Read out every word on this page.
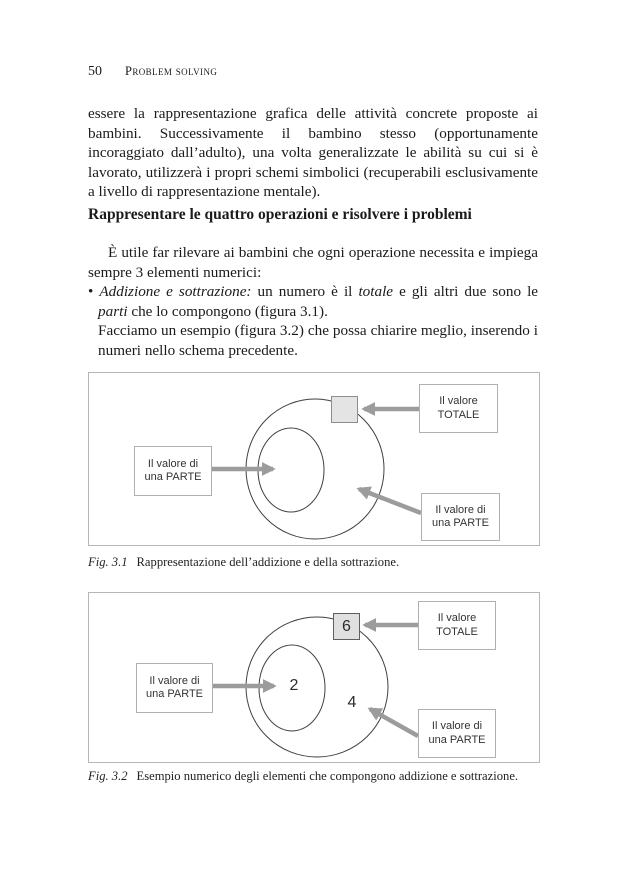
50 Problem solving

essere la rappresentazione grafica delle attività concrete proposte ai bambini. Successivamente il bambino stesso (opportunamente incoraggiato dall’adulto), una volta generalizzate le abilità su cui si è lavorato, utilizzerà i propri schemi simbolici (recuperabili esclusivamente a livello di rappresentazione mentale).

Rappresentare le quattro operazioni e risolvere i problemi

È utile far rilevare ai bambini che ogni operazione necessita e impiega sempre 3 elementi numerici:

• Addizione e sottrazione: un numero è il totale e gli altri due sono le parti che lo compongono (figura 3.1).

Facciamo un esempio (figura 3.2) che possa chiarire meglio, inserendo i numeri nello schema precedente.

Il valore
TOTALE
Il valore di
una PARTE
Il valore di
una PARTE

Fig. 3.1 Rappresentazione dell’addizione e della sottrazione.

6
2
4
Il valore
TOTALE
Il valore di
una PARTE
Il valore di
una PARTE

Fig. 3.2 Esempio numerico degli elementi che compongono addizione e sottrazione.
